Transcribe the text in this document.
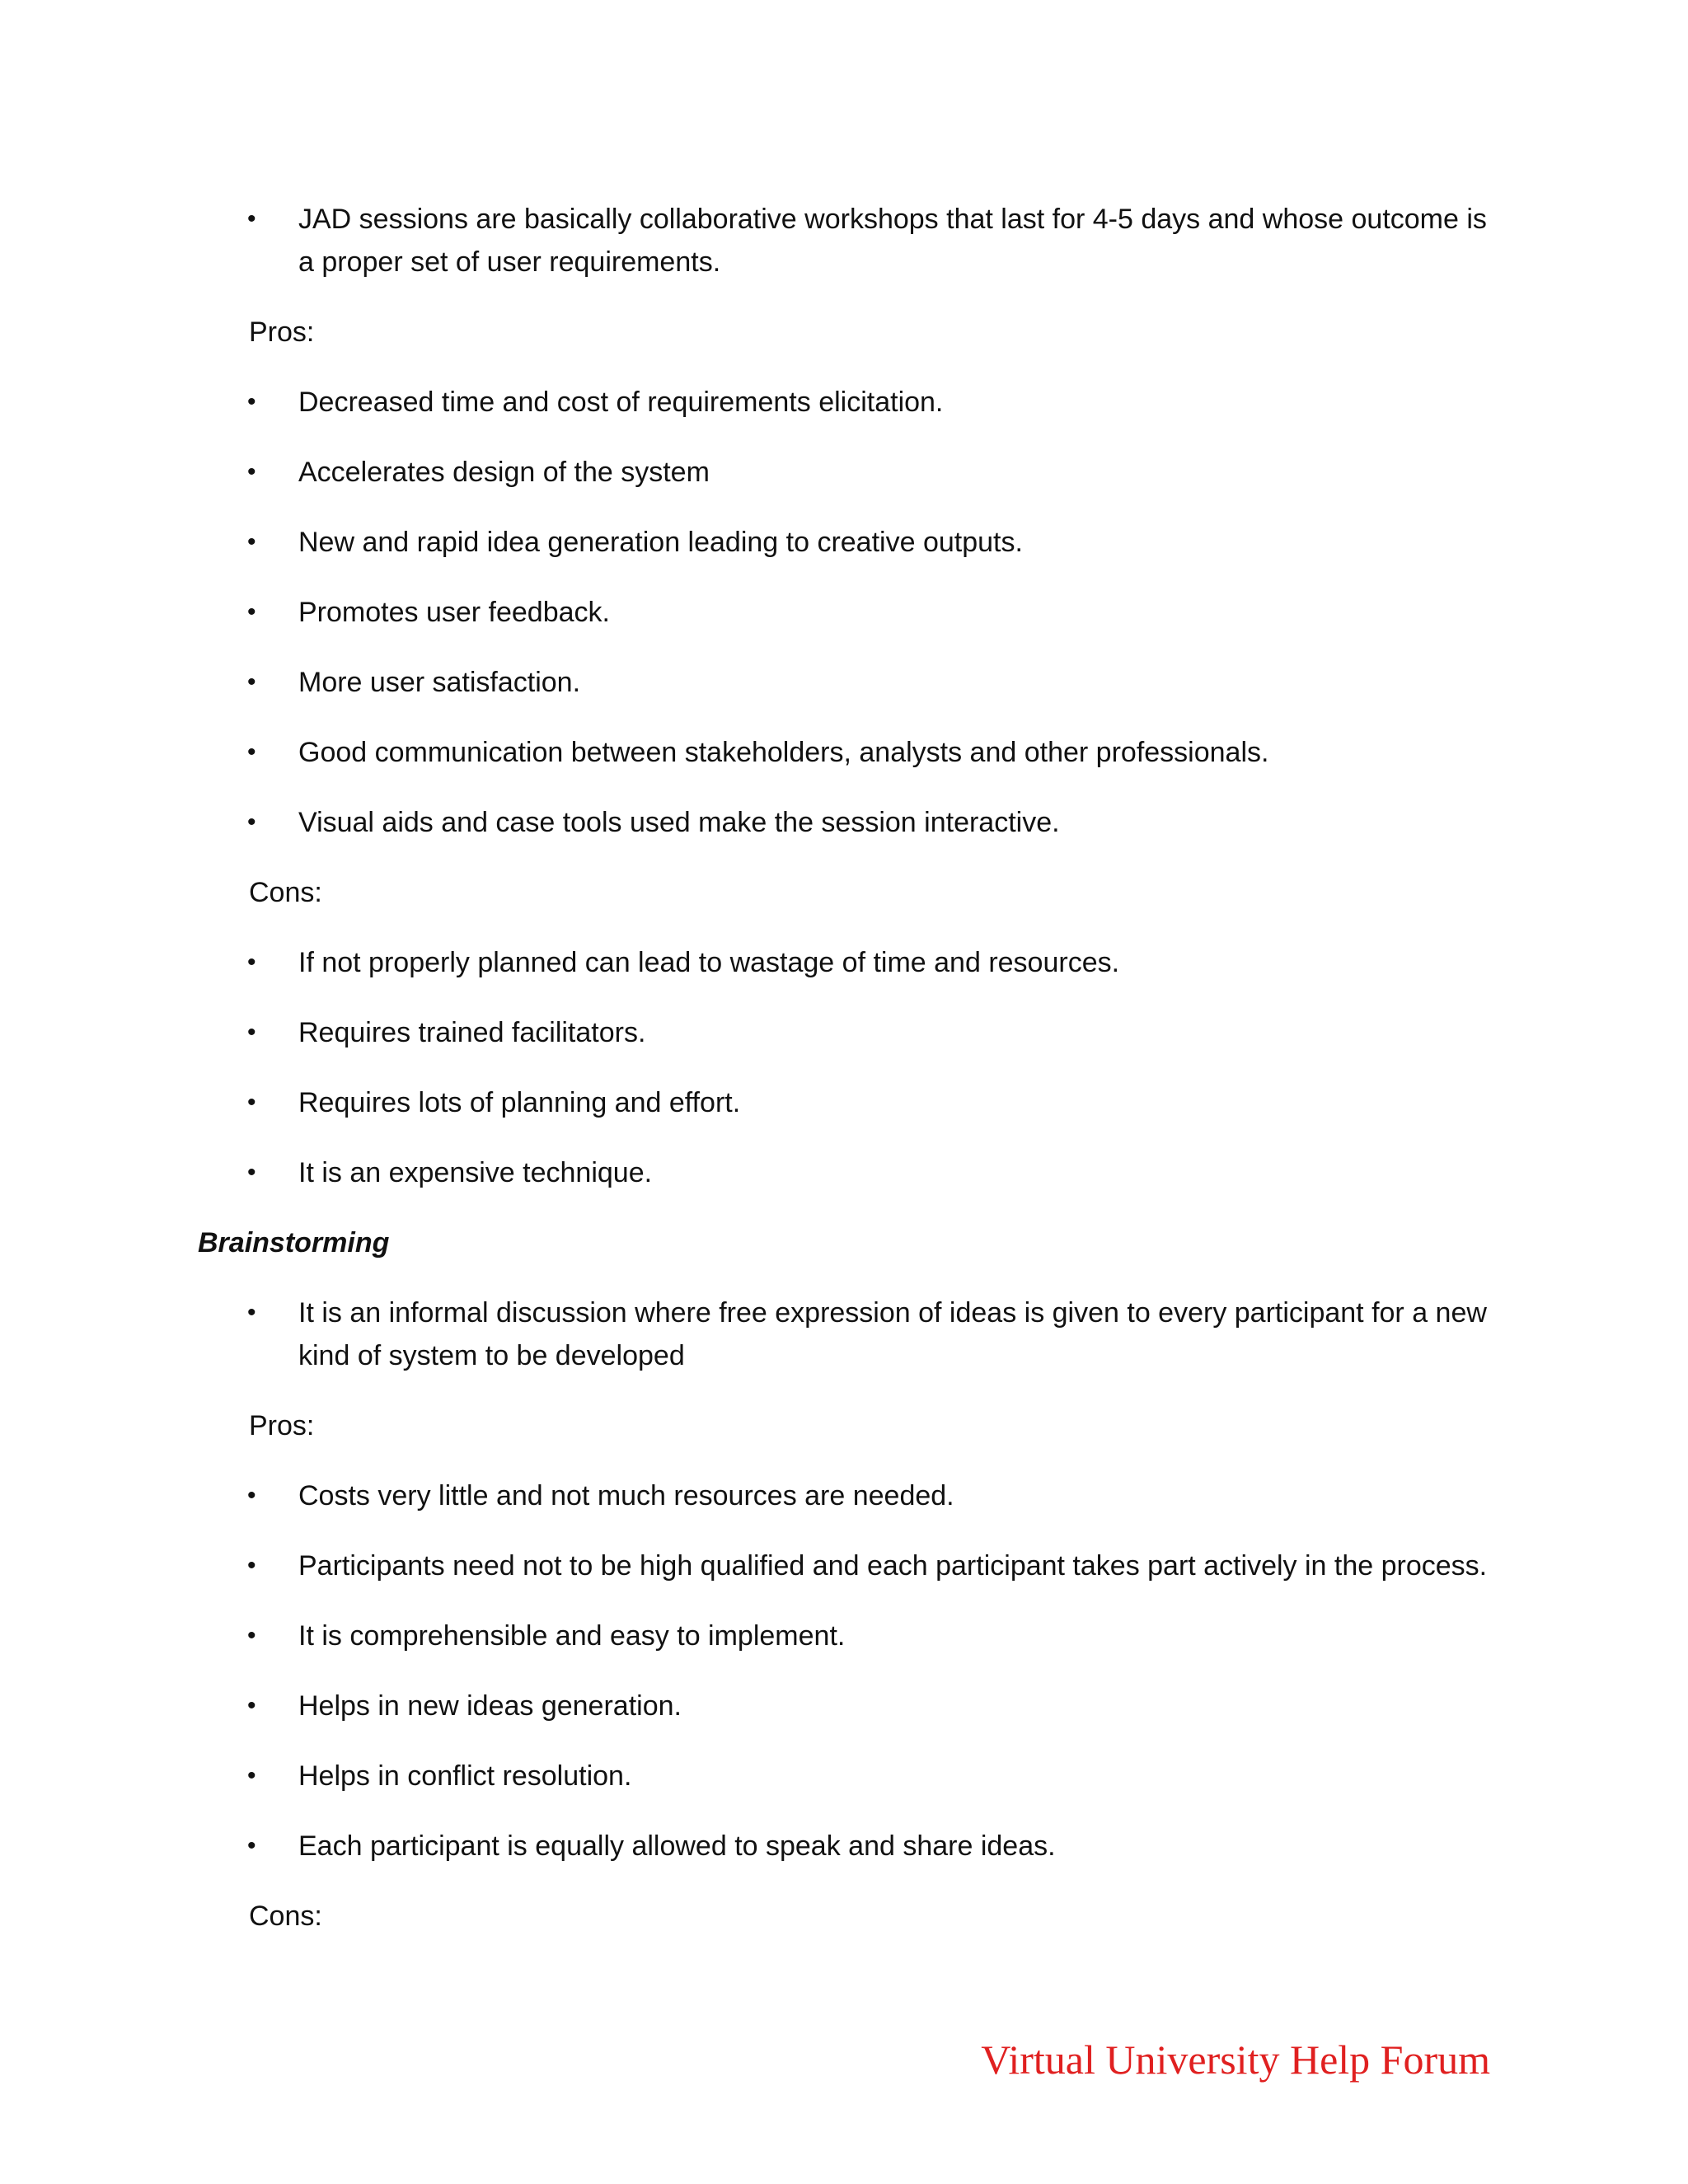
• JAD sessions are basically collaborative workshops that last for 4-5 days and whose outcome is a proper set of user requirements.
Pros:
• Decreased time and cost of requirements elicitation.
• Accelerates design of the system
• New and rapid idea generation leading to creative outputs.
• Promotes user feedback.
• More user satisfaction.
• Good communication between stakeholders, analysts and other professionals.
• Visual aids and case tools used make the session interactive.
Cons:
• If not properly planned can lead to wastage of time and resources.
• Requires trained facilitators.
• Requires lots of planning and effort.
• It is an expensive technique.
Brainstorming
• It is an informal discussion where free expression of ideas is given to every participant for a new kind of system to be developed
Pros:
• Costs very little and not much resources are needed.
• Participants need not to be high qualified and each participant takes part actively in the process.
• It is comprehensible and easy to implement.
• Helps in new ideas generation.
• Helps in conflict resolution.
• Each participant is equally allowed to speak and share ideas.
Cons:
Virtual University Help Forum
